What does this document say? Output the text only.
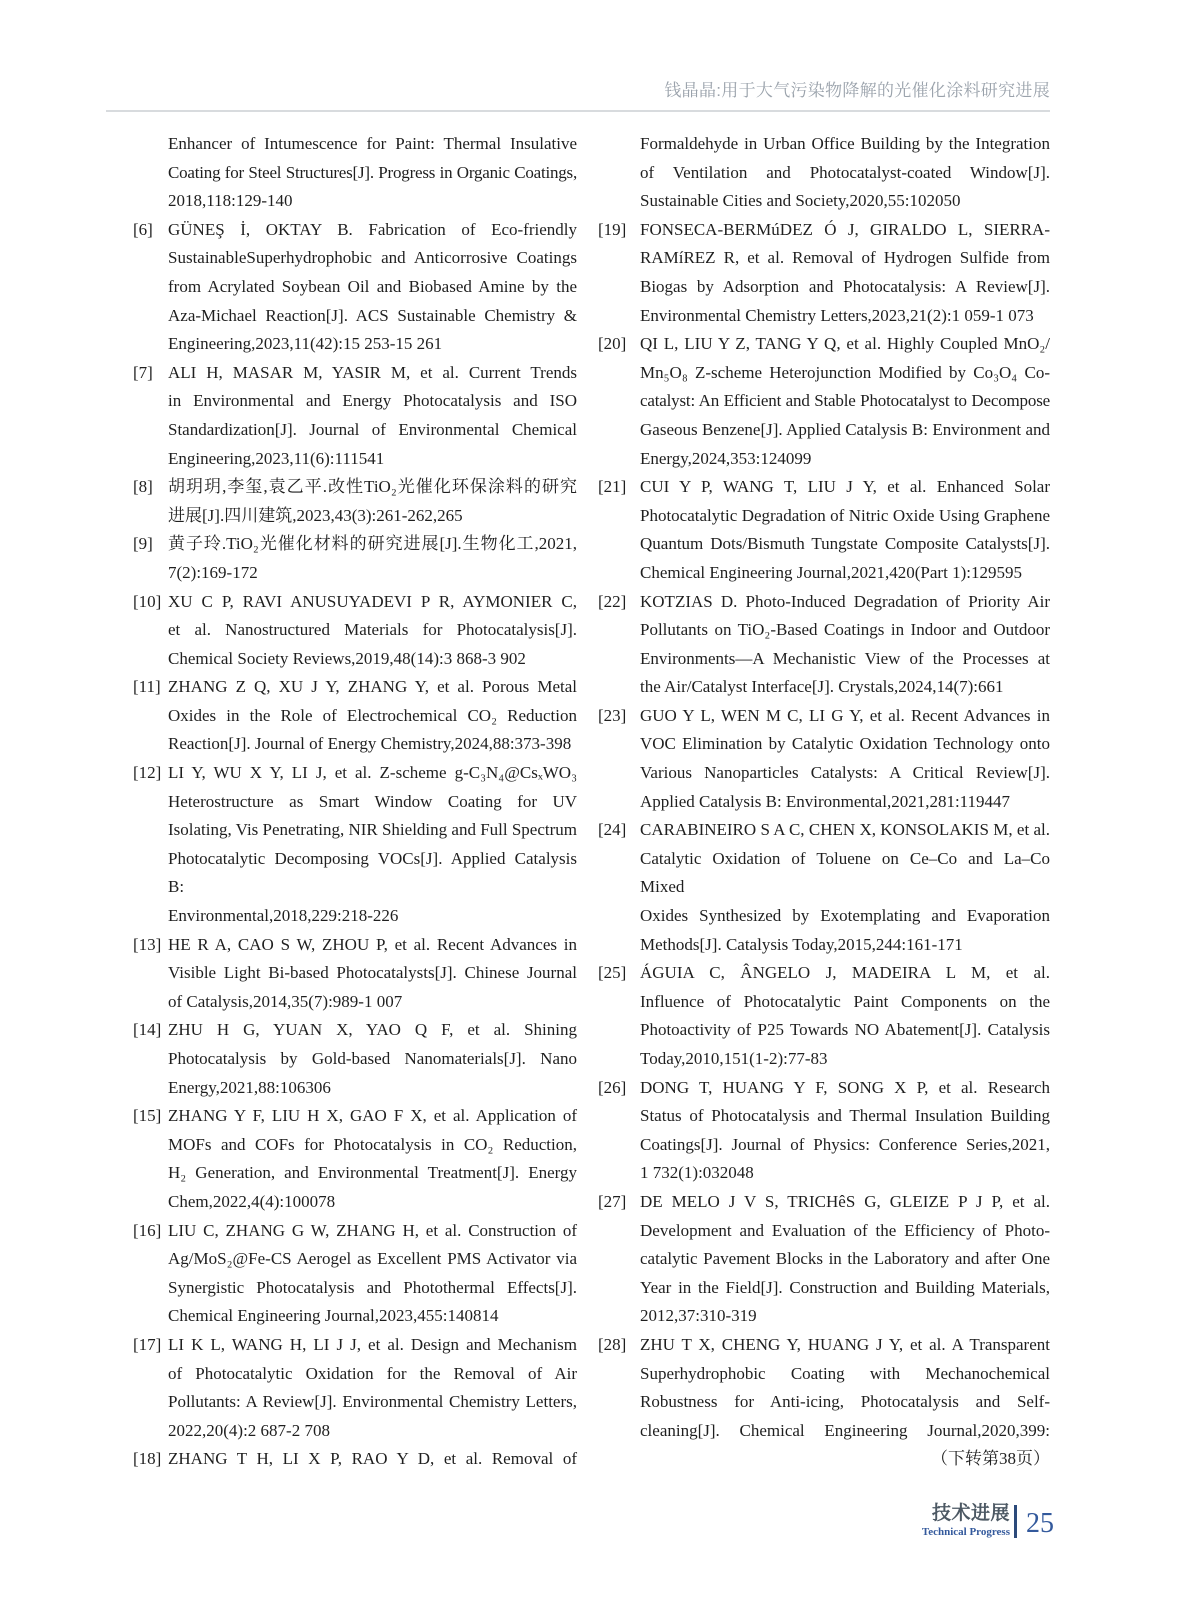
钱晶晶:用于大气污染物降解的光催化涂料研究进展
Enhancer of Intumescence for Paint: Thermal Insulative
Coating for Steel Structures[J]. Progress in Organic Coatings,
2018,118:129-140
[6] GÜNEŞ İ, OKTAY B. Fabrication of Eco-friendly
SustainableSuperhydrophobic and Anticorrosive Coatings
from Acrylated Soybean Oil and Biobased Amine by the
Aza-Michael Reaction[J]. ACS Sustainable Chemistry &
Engineering,2023,11(42):15 253-15 261
[7] ALI H, MASAR M, YASIR M, et al. Current Trends
in Environmental and Energy Photocatalysis and ISO
Standardization[J]. Journal of Environmental Chemical
Engineering,2023,11(6):111541
[8] 胡玥玥,李玺,袁乙平.改性TiO₂光催化环保涂料的研究
进展[J].四川建筑,2023,43(3):261-262,265
[9] 黄子玲.TiO₂光催化材料的研究进展[J].生物化工,2021,
7(2):169-172
[10] XU C P, RAVI ANUSUYADEVI P R, AYMONIER C,
et al. Nanostructured Materials for Photocatalysis[J].
Chemical Society Reviews,2019,48(14):3 868-3 902
[11] ZHANG Z Q, XU J Y, ZHANG Y, et al. Porous Metal
Oxides in the Role of Electrochemical CO₂ Reduction
Reaction[J]. Journal of Energy Chemistry,2024,88:373-398
[12] LI Y, WU X Y, LI J, et al. Z-scheme g-C₃N₄@CsₓWO₃
Heterostructure as Smart Window Coating for UV
Isolating, Vis Penetrating, NIR Shielding and Full Spectrum
Photocatalytic Decomposing VOCs[J]. Applied Catalysis B:
Environmental,2018,229:218-226
[13] HE R A, CAO S W, ZHOU P, et al. Recent Advances in
Visible Light Bi-based Photocatalysts[J]. Chinese Journal
of Catalysis,2014,35(7):989-1 007
[14] ZHU H G, YUAN X, YAO Q F, et al. Shining
Photocatalysis by Gold-based Nanomaterials[J]. Nano
Energy,2021,88:106306
[15] ZHANG Y F, LIU H X, GAO F X, et al. Application of
MOFs and COFs for Photocatalysis in CO₂ Reduction,
H₂ Generation, and Environmental Treatment[J]. Energy
Chem,2022,4(4):100078
[16] LIU C, ZHANG G W, ZHANG H, et al. Construction of
Ag/MoS₂@Fe-CS Aerogel as Excellent PMS Activator via
Synergistic Photocatalysis and Photothermal Effects[J].
Chemical Engineering Journal,2023,455:140814
[17] LI K L, WANG H, LI J J, et al. Design and Mechanism
of Photocatalytic Oxidation for the Removal of Air
Pollutants: A Review[J]. Environmental Chemistry Letters,
2022,20(4):2 687-2 708
[18] ZHANG T H, LI X P, RAO Y D, et al. Removal of
Formaldehyde in Urban Office Building by the Integration
of Ventilation and Photocatalyst-coated Window[J].
Sustainable Cities and Society,2020,55:102050
[19] FONSECA-BERMúDEZ Ó J, GIRALDO L, SIERRA-
RAMíREZ R, et al. Removal of Hydrogen Sulfide from
Biogas by Adsorption and Photocatalysis: A Review[J].
Environmental Chemistry Letters,2023,21(2):1 059-1 073
[20] QI L, LIU Y Z, TANG Y Q, et al. Highly Coupled MnO₂/
Mn₅O₈ Z-scheme Heterojunction Modified by Co₃O₄ Co-
catalyst: An Efficient and Stable Photocatalyst to Decompose
Gaseous Benzene[J]. Applied Catalysis B: Environment and
Energy,2024,353:124099
[21] CUI Y P, WANG T, LIU J Y, et al. Enhanced Solar
Photocatalytic Degradation of Nitric Oxide Using Graphene
Quantum Dots/Bismuth Tungstate Composite Catalysts[J].
Chemical Engineering Journal,2021,420(Part 1):129595
[22] KOTZIAS D. Photo-Induced Degradation of Priority Air
Pollutants on TiO₂-Based Coatings in Indoor and Outdoor
Environments—A Mechanistic View of the Processes at
the Air/Catalyst Interface[J]. Crystals,2024,14(7):661
[23] GUO Y L, WEN M C, LI G Y, et al. Recent Advances in
VOC Elimination by Catalytic Oxidation Technology onto
Various Nanoparticles Catalysts: A Critical Review[J].
Applied Catalysis B: Environmental,2021,281:119447
[24] CARABINEIRO S A C, CHEN X, KONSOLAKIS M, et al.
Catalytic Oxidation of Toluene on Ce–Co and La–Co Mixed
Oxides Synthesized by Exotemplating and Evaporation
Methods[J]. Catalysis Today,2015,244:161-171
[25] ÁGUIA C, ÂNGELO J, MADEIRA L M, et al.
Influence of Photocatalytic Paint Components on the
Photoactivity of P25 Towards NO Abatement[J]. Catalysis
Today,2010,151(1-2):77-83
[26] DONG T, HUANG Y F, SONG X P, et al. Research
Status of Photocatalysis and Thermal Insulation Building
Coatings[J]. Journal of Physics: Conference Series,2021,
1 732(1):032048
[27] DE MELO J V S, TRICHêS G, GLEIZE P J P, et al.
Development and Evaluation of the Efficiency of Photo-
catalytic Pavement Blocks in the Laboratory and after One
Year in the Field[J]. Construction and Building Materials,
2012,37:310-319
[28] ZHU T X, CHENG Y, HUANG J Y, et al. A Transparent
Superhydrophobic Coating with Mechanochemical
Robustness for Anti-icing, Photocatalysis and Self-
cleaning[J]. Chemical Engineering Journal,2020,399:
（下转第38页）
技术进展
Technical Progress 25
